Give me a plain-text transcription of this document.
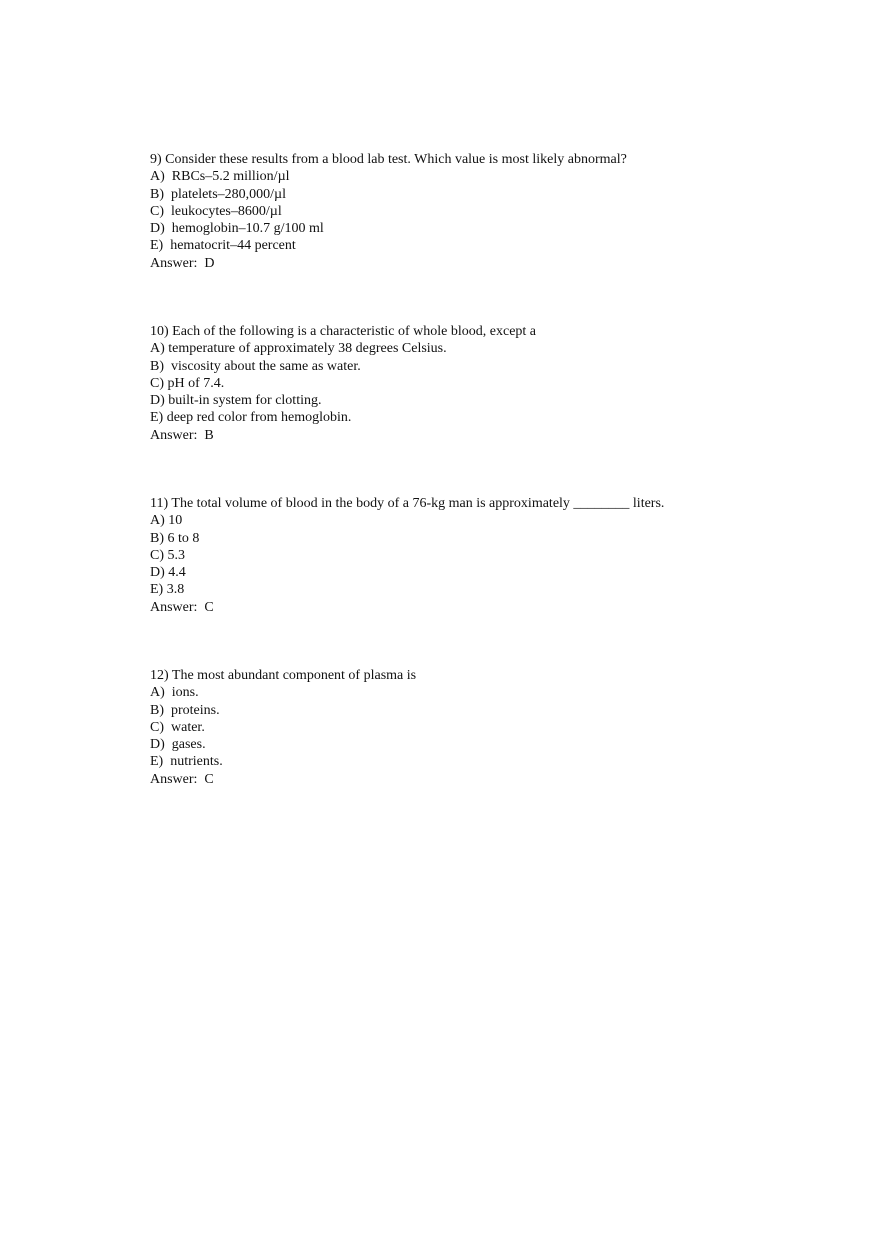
9) Consider these results from a blood lab test. Which value is most likely abnormal?
A)  RBCs–5.2 million/µl
B)  platelets–280,000/µl
C)  leukocytes–8600/µl
D)  hemoglobin–10.7 g/100 ml
E)  hematocrit–44 percent
Answer:  D
10) Each of the following is a characteristic of whole blood, except a
A) temperature of approximately 38 degrees Celsius.
B)  viscosity about the same as water.
C) pH of 7.4.
D) built-in system for clotting.
E) deep red color from hemoglobin.
Answer:  B
11) The total volume of blood in the body of a 76-kg man is approximately ________ liters.
A) 10
B) 6 to 8
C) 5.3
D) 4.4
E) 3.8
Answer:  C
12) The most abundant component of plasma is
A)  ions.
B)  proteins.
C)  water.
D)  gases.
E)  nutrients.
Answer:  C
